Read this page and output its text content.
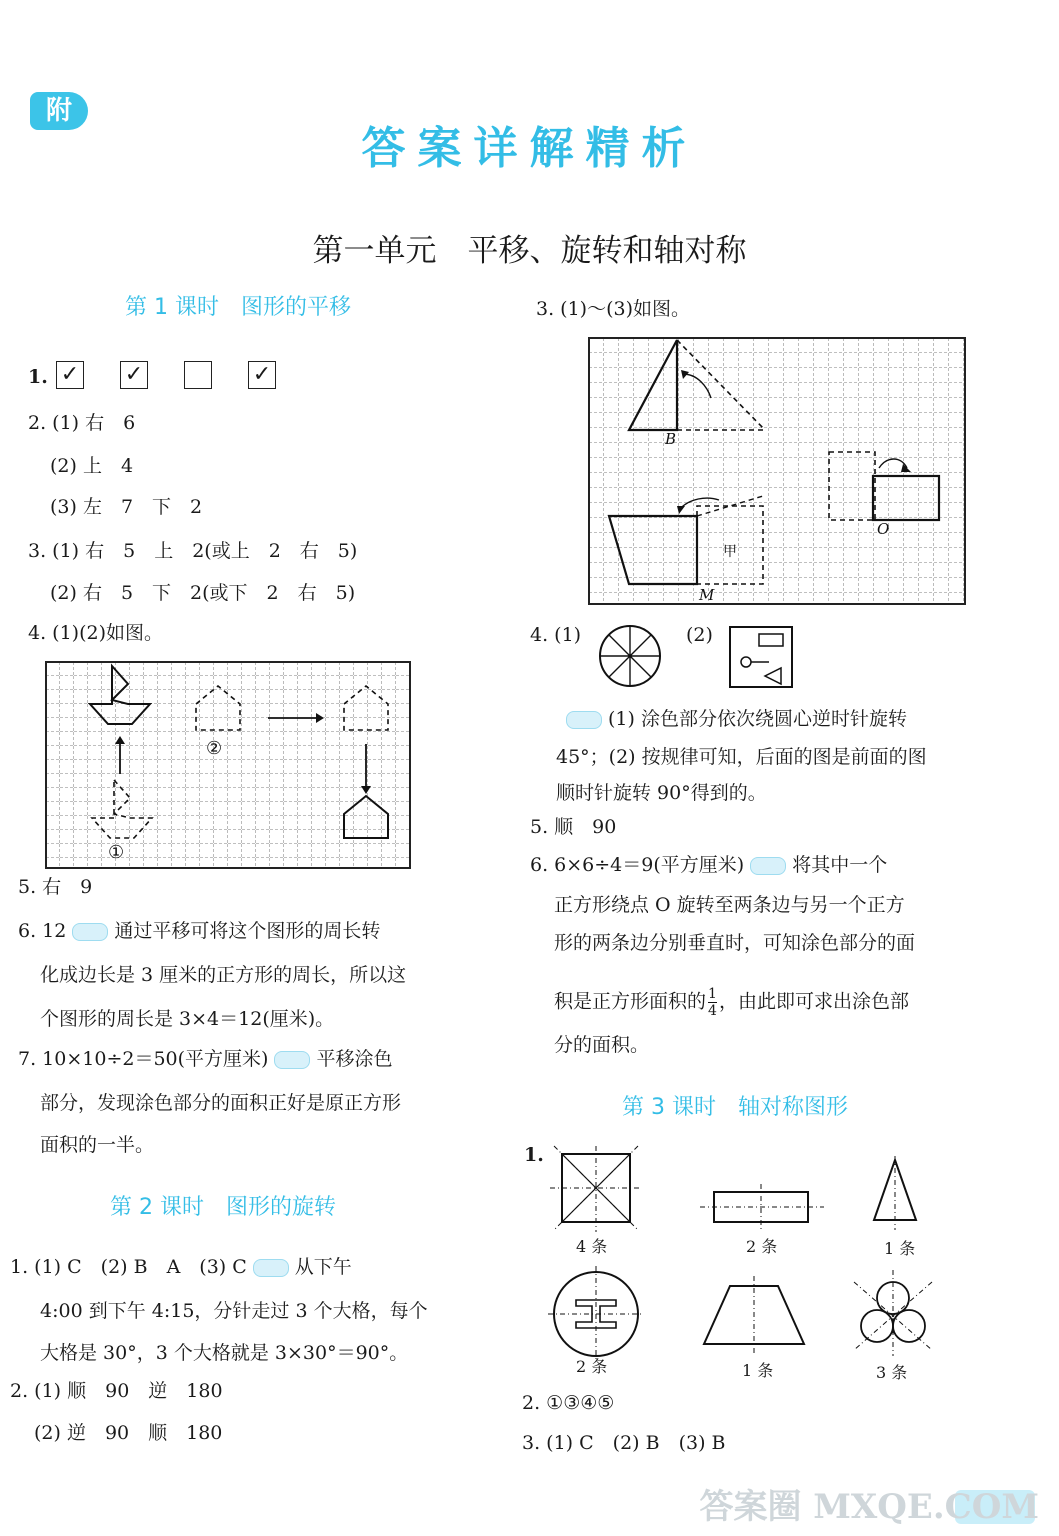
附
答案详解精析
第一单元　平移、旋转和轴对称
第 1 课时　图形的平移
1. ✓ ✓	✓
2. (1) 右　6
(2) 上　4
(3) 左　7　下　2
3. (1) 右　5　上　2(或上　2　右　5)
(2) 右　5　下　2(或下　2　右　5)
4. (1)(2)如图。
②
①
5. 右　9
6. 12	通过平移可将这个图形的周长转
化成边长是 3 厘米的正方形的周长，所以这
个图形的周长是 3×4＝12(厘米)。
7. 10×10÷2＝50(平方厘米)	平移涂色
部分，发现涂色部分的面积正好是原正方形
面积的一半。
第 2 课时　图形的旋转
1. (1) C　(2) B　A　(3) C	从下午
4:00 到下午 4:15，分针走过 3 个大格，每个
大格是 30°，3 个大格就是 3×30°＝90°。
2. (1) 顺　90　逆　180
(2) 逆　90　顺　180
3. (1)～(3)如图。
B
O
甲
M
4. (1)	(2)
(1) 涂色部分依次绕圆心逆时针旋转
45°；(2) 按规律可知，后面的图是前面的图
顺时针旋转 90°得到的。
5. 顺　90
6. 6×6÷4＝9(平方厘米)	将其中一个
正方形绕点 O 旋转至两条边与另一个正方
形的两条边分别垂直时，可知涂色部分的面
积是正方形面积的 $\frac{1}{4}$ ，由此即可求出涂色部
分的面积。
第 3 课时　轴对称图形
1.
4 条	2 条	1 条
2 条	1 条	3 条
2. ①③④⑤
3. (1) C　(2) B　(3) B
答案圈 MXQE.COM
